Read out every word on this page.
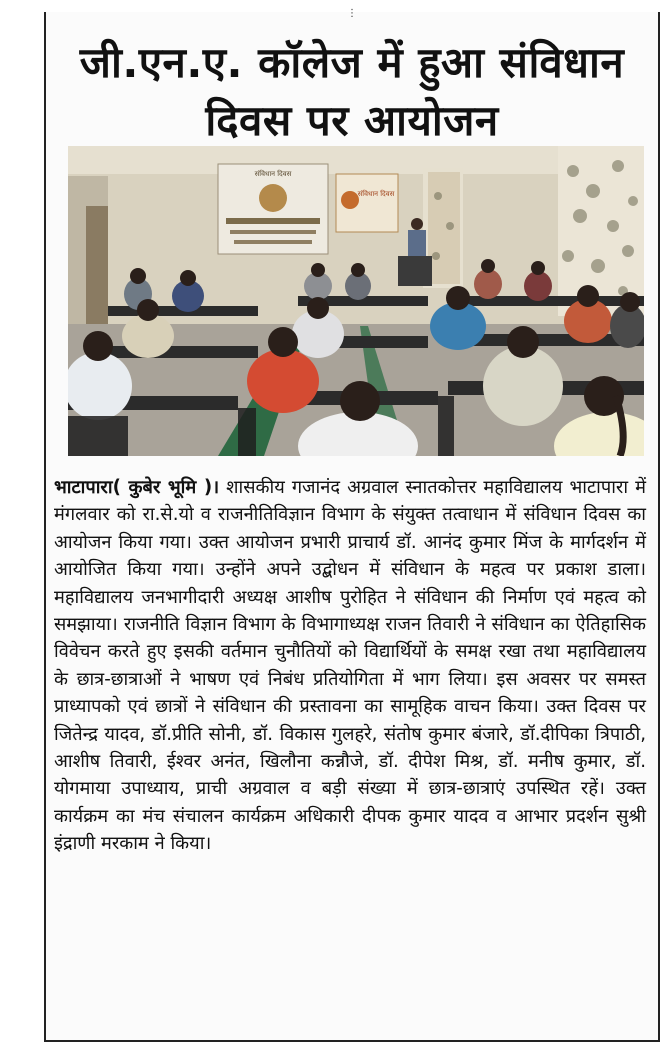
⋮
जी.एन.ए. कॉलेज में हुआ संविधान
दिवस पर आयोजन
संविधान दिवस
संविधान दिवस
भाटापारा( कुबेर भूमि )। शासकीय गजानंद अग्रवाल स्नातकोत्तर महाविद्यालय भाटापारा में मंगलवार को रा.से.यो व राजनीतिविज्ञान विभाग के संयुक्त तत्वाधान में संविधान दिवस का आयोजन किया गया। उक्त आयोजन प्रभारी प्राचार्य डॉ. आनंद कुमार मिंज के मार्गदर्शन में आयोजित किया गया। उन्होंने अपने उद्बोधन में संविधान के महत्व पर प्रकाश डाला। महाविद्यालय जनभागीदारी अध्यक्ष आशीष पुरोहित ने संविधान की निर्माण एवं महत्व को समझाया। राजनीति विज्ञान विभाग के विभागाध्यक्ष राजन तिवारी ने संविधान का ऐतिहासिक विवेचन करते हुए इसकी वर्तमान चुनौतियों को विद्यार्थियों के समक्ष रखा तथा महाविद्यालय के छात्र-छात्राओं ने भाषण एवं निबंध प्रतियोगिता में भाग लिया। इस अवसर पर समस्त प्राध्यापको एवं छात्रों ने संविधान की प्रस्तावना का सामूहिक वाचन किया। उक्त दिवस पर जितेन्द्र यादव, डॉ.प्रीति सोनी, डॉ. विकास गुलहरे, संतोष कुमार बंजारे, डॉ.दीपिका त्रिपाठी, आशीष तिवारी, ईश्वर अनंत, खिलौना कन्नौजे, डॉ. दीपेश मिश्र, डॉ. मनीष कुमार, डॉ. योगमाया उपाध्याय, प्राची अग्रवाल व बड़ी संख्या में छात्र-छात्राएं उपस्थित रहें। उक्त कार्यक्रम का मंच संचालन कार्यक्रम अधिकारी दीपक कुमार यादव व आभार प्रदर्शन सुश्री इंद्राणी मरकाम ने किया।
